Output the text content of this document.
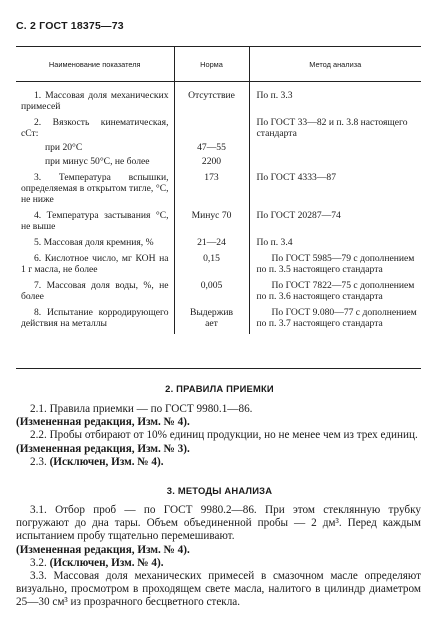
С. 2 ГОСТ 18375—73
Наименование показателя	Норма	Метод анализа
1. Массовая доля механических примесей	Отсутствие	По п. 3.3
2. Вязкость кинематическая, сСт:		По ГОСТ 33—82 и п. 3.8 настоящего стандарта

при 20°С	47—55	

при минус 50°С, не более	2200	
3. Температура вспышки, определяемая в открытом тигле, °С, не ниже	173	По ГОСТ 4333—87
4. Температура застывания °С, не выше	Минус 70	По ГОСТ 20287—74
5. Массовая доля кремния, %	21—24	По п. 3.4
6. Кислотное число, мг КОН на 1 г масла, не более	0,15	По ГОСТ 5985—79 с дополнением по п. 3.5 настоящего стандарта
7. Массовая доля воды, %, не более	0,005	По ГОСТ 7822—75 с дополнением по п. 3.6 настоящего стандарта
8. Испытание корродирующего действия на металлы	Выдерживает	По ГОСТ 9.080—77 с дополнением по п. 3.7 настоящего стандарта
2. ПРАВИЛА ПРИЕМКИ

2.1. Правила приемки — по ГОСТ 9980.1—86.

(Измененная редакция, Изм. № 4).

2.2. Пробы отбирают от 10% единиц продукции, но не менее чем из трех единиц.

(Измененная редакция, Изм. № 3).

2.3. (Исключен, Изм. № 4).

3. МЕТОДЫ АНАЛИЗА

3.1. Отбор проб — по ГОСТ 9980.2—86. При этом стеклянную трубку погружают до дна тары. Объем объединенной пробы — 2 дм³. Перед каждым испытанием пробу тщательно перемешивают.

(Измененная редакция, Изм. № 4).

3.2. (Исключен, Изм. № 4).

3.3. Массовая доля механических примесей в смазочном масле определяют визуально, просмотром в проходящем свете масла, налитого в цилиндр диаметром 25—30 см³ из прозрачного бесцветного стекла.
